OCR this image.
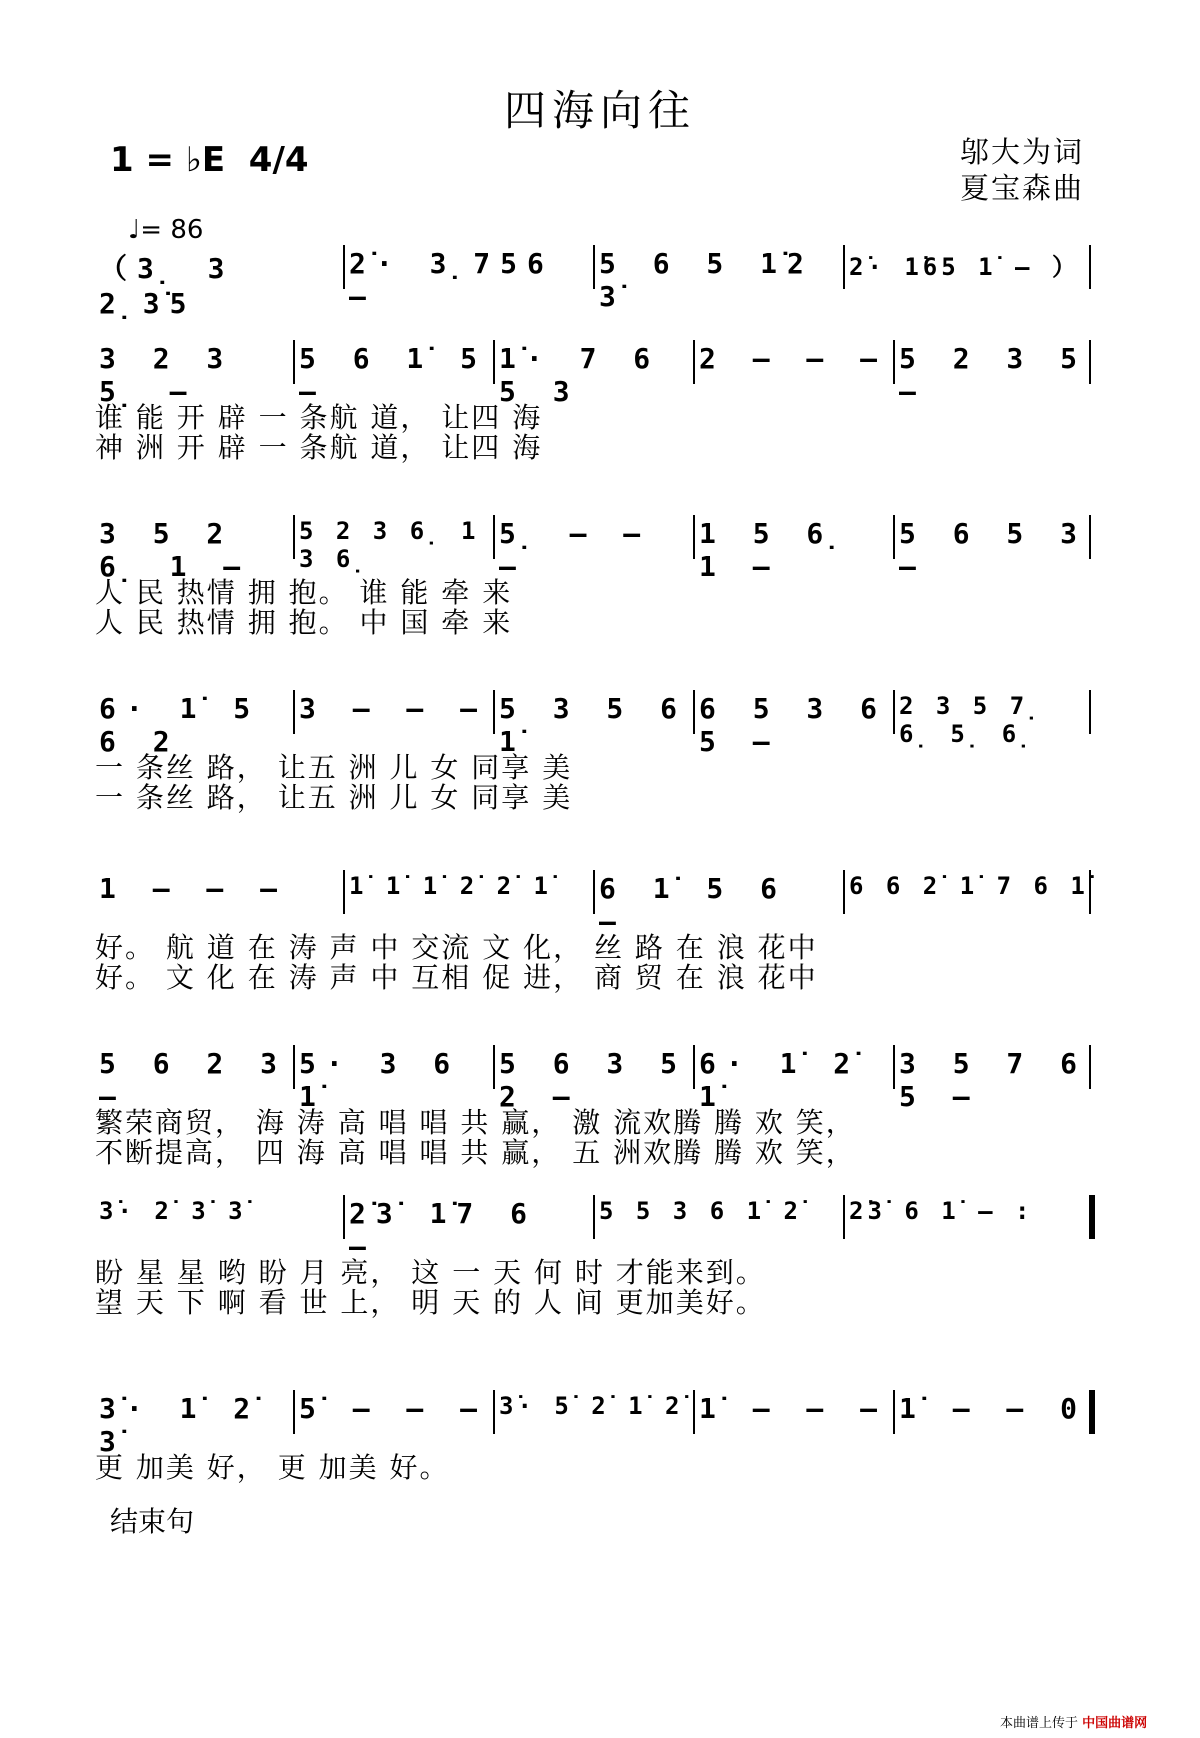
四海向往
1 = ♭E 4/4	邬大为词
夏宝森曲
♩= 86
（3̣ 3 2̣3̇5
2̇· 3̣756 –
5 6 5 1̇2 3̇
2̇· 1̇65 1̇ – ）
3 2 3 5̣ –
5 6 1̇ 5 –
1̇· 7 6 5 3
2 – – – 5 2 3 5 –
谁 能 开 辟 一 条航 道， 让四 海
神 洲 开 辟 一 条航 道， 让四 海
3 5 2 6̣ 1 –
5 2 3 6̣ 1 3 6̣
5̣ – – –
1 5 6̣ 1 –
5 6 5 3 –
人 民 热情 拥 抱。 谁 能 牵 来
人 民 热情 拥 抱。 中 国 牵 来
6· 1̇ 5 6 2
3 – – – 5 3 5 6 1̇
6 5 3 6 5 –
2 3 5 7̣ 6̣ 5̣ 6̣
一 条丝 路， 让五 洲 儿 女 同享 美
一 条丝 路， 让五 洲 儿 女 同享 美
1 – – –	1̇ 1̇ 1̇ 2̇ 2̇ 1̇	6 1̇ 5 6 –
6 6 2̇ 1̇ 7 6 1̇
好。 航 道 在 涛 声 中 交流 文 化， 丝 路 在 浪 花中
好。 文 化 在 涛 声 中 互相 促 进， 商 贸 在 浪 花中
5 6 2 3 –
5· 3 6 1̇
5 6 3 5 2 –
6· 1̇ 2̇ 1̇
3 5 7 6 5 –
繁荣商贸， 海 涛 高 唱 唱 共 赢， 激 流欢腾 腾 欢 笑，
不断提高， 四 海 高 唱 唱 共 赢， 五 洲欢腾 腾 欢 笑，
3̇· 2̇ 3̇ 3̇	2̇3̇ 1̇7 6 –
5 5 3 6 1̇ 2̇	2̇3̇ 6 1̇ – :
盼 星 星 哟 盼 月 亮， 这 一 天 何 时 才能来到。
望 天 下 啊 看 世 上， 明 天 的 人 间 更加美好。
3̇· 1̇ 2̇ 3̇
5̇ – – – 3̇· 5̇ 2̇ 1̇ 2̇ 1̇ – – – 1̇ – – 0
更 加美 好， 更 加美 好。
结束句
本曲谱上传于 中国曲谱网
